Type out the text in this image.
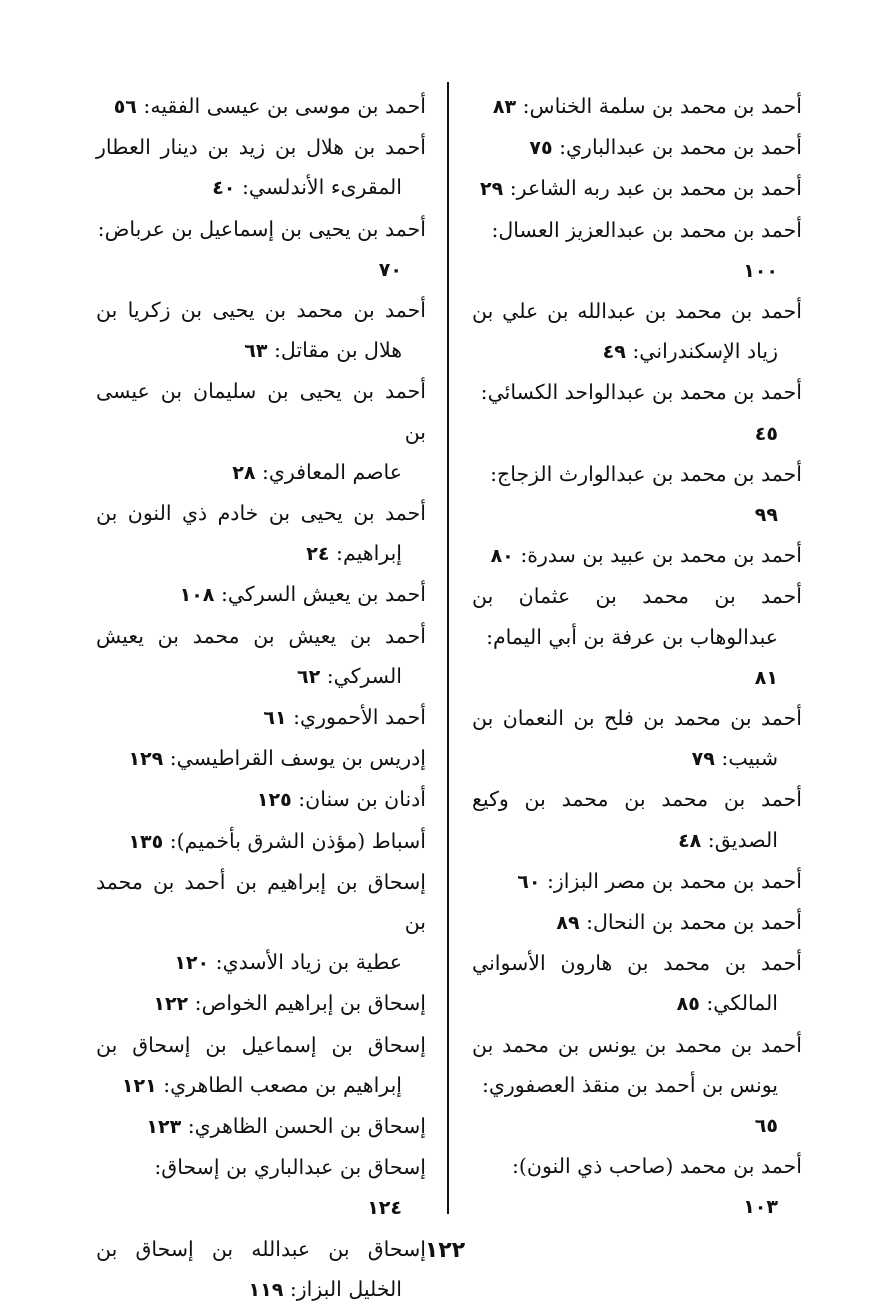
أحمد بن محمد بن سلمة الخناس: ٨٣
أحمد بن محمد بن عبدالباري: ٧٥
أحمد بن محمد بن عبد ربه الشاعر: ٢٩
أحمد بن محمد بن عبدالعزيز العسال:
١٠٠
أحمد بن محمد بن عبدالله بن علي بن
زياد الإسكندراني: ٤٩
أحمد بن محمد بن عبدالواحد الكسائي:
٤٥
أحمد بن محمد بن عبدالوارث الزجاج:
٩٩
أحمد بن محمد بن عبيد بن سدرة: ٨٠
أحمد بن محمد بن عثمان بن
عبدالوهاب بن عرفة بن أبي اليمام:
٨١
أحمد بن محمد بن فلح بن النعمان بن
شبيب: ٧٩
أحمد بن محمد بن محمد بن وكيع
الصديق: ٤٨
أحمد بن محمد بن مصر البزاز: ٦٠
أحمد بن محمد بن النحال: ٨٩
أحمد بن محمد بن هارون الأسواني
المالكي: ٨٥
أحمد بن محمد بن يونس بن محمد بن
يونس بن أحمد بن منقذ العصفوري:
٦٥
أحمد بن محمد (صاحب ذي النون):
١٠٣
أحمد بن موسى بن عيسى الفقيه: ٥٦
أحمد بن هلال بن زيد بن دينار العطار
المقرىء الأندلسي: ٤٠
أحمد بن يحيى بن إسماعيل بن عرباض:
٧٠
أحمد بن محمد بن يحيى بن زكريا بن
هلال بن مقاتل: ٦٣
أحمد بن يحيى بن سليمان بن عيسى بن
عاصم المعافري: ٢٨
أحمد بن يحيى بن خادم ذي النون بن
إبراهيم: ٢٤
أحمد بن يعيش السركي: ١٠٨
أحمد بن يعيش بن محمد بن يعيش
السركي: ٦٢
أحمد الأحموري: ٦١
إدريس بن يوسف القراطيسي: ١٢٩
أدنان بن سنان: ١٢٥
أسباط (مؤذن الشرق بأخميم): ١٣٥
إسحاق بن إبراهيم بن أحمد بن محمد بن
عطية بن زياد الأسدي: ١٢٠
إسحاق بن إبراهيم الخواص: ١٢٢
إسحاق بن إسماعيل بن إسحاق بن
إبراهيم بن مصعب الطاهري: ١٢١
إسحاق بن الحسن الظاهري: ١٢٣
إسحاق بن عبدالباري بن إسحاق:
١٢٤
إسحاق بن عبدالله بن إسحاق بن
الخليل البزاز: ١١٩
١٢٢
